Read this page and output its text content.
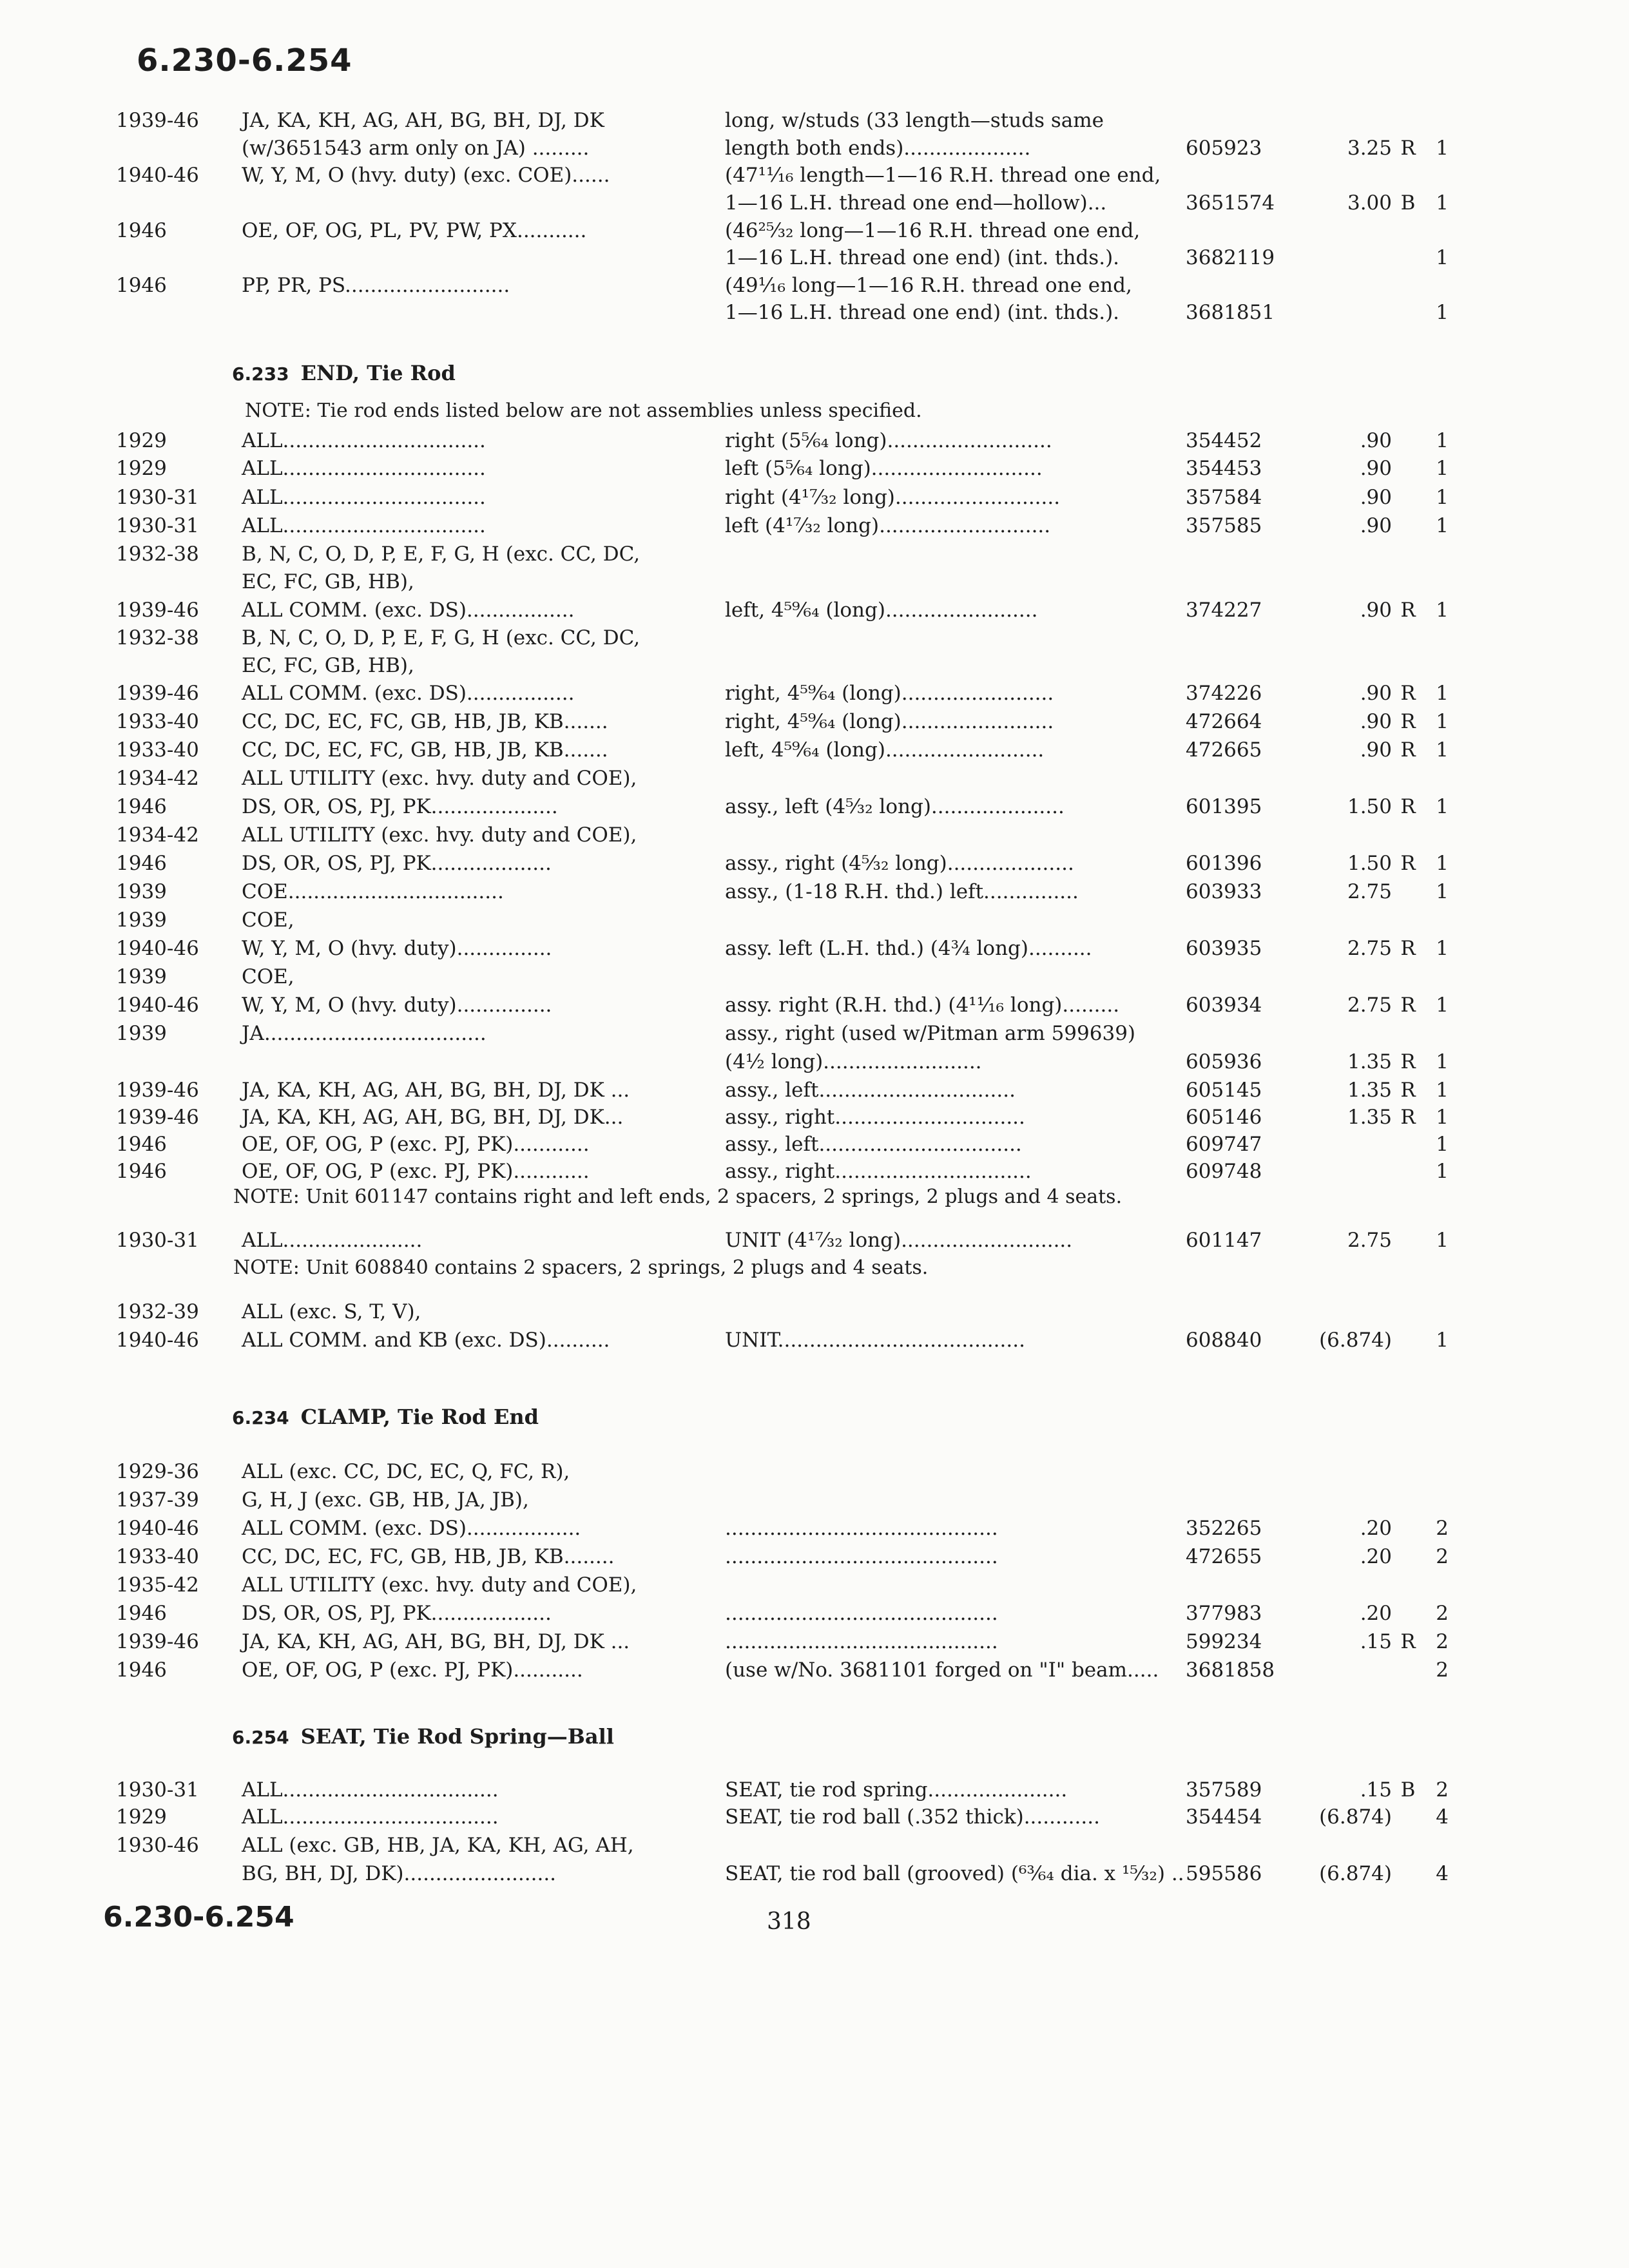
6.230-6.254
1939-46 JA, KA, KH, AG, AH, BG, BH, DJ, DK	long, w/studs (33 length—studs same
(w/3651543 arm only on JA) .........	length both ends)....................	605923	3.25 R	1
1940-46 W, Y, M, O (hvy. duty) (exc. COE)......	(47¹¹⁄₁₆ length—1—16 R.H. thread one end,
1—16 L.H. thread one end—hollow)...	3651574	3.00 B	1
1946	OE, OF, OG, PL, PV, PW, PX...........	(46²⁵⁄₃₂ long—1—16 R.H. thread one end,
1—16 L.H. thread one end) (int. thds.).	3682119	1
1946	PP, PR, PS..........................	(49¹⁄₁₆ long—1—16 R.H. thread one end,
1—16 L.H. thread one end) (int. thds.).	3681851	1
1929	ALL................................	right (5⁵⁄₆₄ long)..........................	354452	.90	1
1929	ALL................................	left (5⁵⁄₆₄ long)...........................	354453	.90	1
1930-31 ALL................................	right (4¹⁷⁄₃₂ long)..........................	357584	.90	1
1930-31 ALL................................	left (4¹⁷⁄₃₂ long)...........................	357585	.90	1
1932-38 B, N, C, O, D, P, E, F, G, H (exc. CC, DC,
EC, FC, GB, HB),
1939-46 ALL COMM. (exc. DS).................	left, 4⁵⁹⁄₆₄ (long)........................	374227	.90 R	1
1932-38 B, N, C, O, D, P, E, F, G, H (exc. CC, DC,
EC, FC, GB, HB),
1939-46 ALL COMM. (exc. DS).................	right, 4⁵⁹⁄₆₄ (long)........................	374226	.90 R	1
1933-40 CC, DC, EC, FC, GB, HB, JB, KB.......	right, 4⁵⁹⁄₆₄ (long)........................	472664	.90 R	1
1933-40 CC, DC, EC, FC, GB, HB, JB, KB.......	left, 4⁵⁹⁄₆₄ (long).........................	472665	.90 R	1
1934-42 ALL UTILITY (exc. hvy. duty and COE),
1946	DS, OR, OS, PJ, PK....................	assy., left (4⁵⁄₃₂ long).....................	601395	1.50 R	1
1934-42 ALL UTILITY (exc. hvy. duty and COE),
1946	DS, OR, OS, PJ, PK...................	assy., right (4⁵⁄₃₂ long)....................	601396	1.50 R	1
1939	COE..................................	assy., (1-18 R.H. thd.) left...............	603933	2.75	1
1939	COE,
1940-46 W, Y, M, O (hvy. duty)...............	assy. left (L.H. thd.) (4³⁄₄ long)..........	603935	2.75 R	1
1939	COE,
1940-46 W, Y, M, O (hvy. duty)...............	assy. right (R.H. thd.) (4¹¹⁄₁₆ long).........	603934	2.75 R	1
1939	JA...................................	assy., right (used w/Pitman arm 599639)
(4¹⁄₂ long).........................	605936	1.35 R	1
1939-46 JA, KA, KH, AG, AH, BG, BH, DJ, DK ...	assy., left...............................	605145	1.35 R	1
1939-46 JA, KA, KH, AG, AH, BG, BH, DJ, DK...	assy., right..............................	605146	1.35 R	1
1946	OE, OF, OG, P (exc. PJ, PK)............	assy., left................................	609747	1
1946	OE, OF, OG, P (exc. PJ, PK)............	assy., right...............................	609748	1
1930-31 ALL......................	UNIT (4¹⁷⁄₃₂ long)...........................	601147	2.75	1
1932-39 ALL (exc. S, T, V),
1940-46 ALL COMM. and KB (exc. DS)..........	UNIT.......................................	608840	(6.874)	1
1929-36 ALL (exc. CC, DC, EC, Q, FC, R),
1937-39 G, H, J (exc. GB, HB, JA, JB),
1940-46 ALL COMM. (exc. DS)..................	...........................................	352265	.20	2
1933-40 CC, DC, EC, FC, GB, HB, JB, KB........	...........................................	472655	.20	2
1935-42 ALL UTILITY (exc. hvy. duty and COE),
1946	DS, OR, OS, PJ, PK...................	...........................................	377983	.20	2
1939-46 JA, KA, KH, AG, AH, BG, BH, DJ, DK ...	...........................................	599234	.15 R	2
1946	OE, OF, OG, P (exc. PJ, PK)...........	(use w/No. 3681101 forged on "I" beam..... 3681858	2
1930-31 ALL..................................	SEAT, tie rod spring......................	357589	.15 B	2
1929	ALL..................................	SEAT, tie rod ball (.352 thick)............	354454	(6.874)	4
1930-46 ALL (exc. GB, HB, JA, KA, KH, AG, AH,
BG, BH, DJ, DK)........................	SEAT, tie rod ball (grooved) (⁶³⁄₆₄ dia. x ¹⁵⁄₃₂) .. 595586	(6.874)	4
6.233 END, Tie Rod
6.234 CLAMP, Tie Rod End
6.254 SEAT, Tie Rod Spring—Ball
NOTE: Tie rod ends listed below are not assemblies unless specified.
NOTE: Unit 601147 contains right and left ends, 2 spacers, 2 springs, 2 plugs and 4 seats.
NOTE: Unit 608840 contains 2 spacers, 2 springs, 2 plugs and 4 seats.
6.230-6.254	318
